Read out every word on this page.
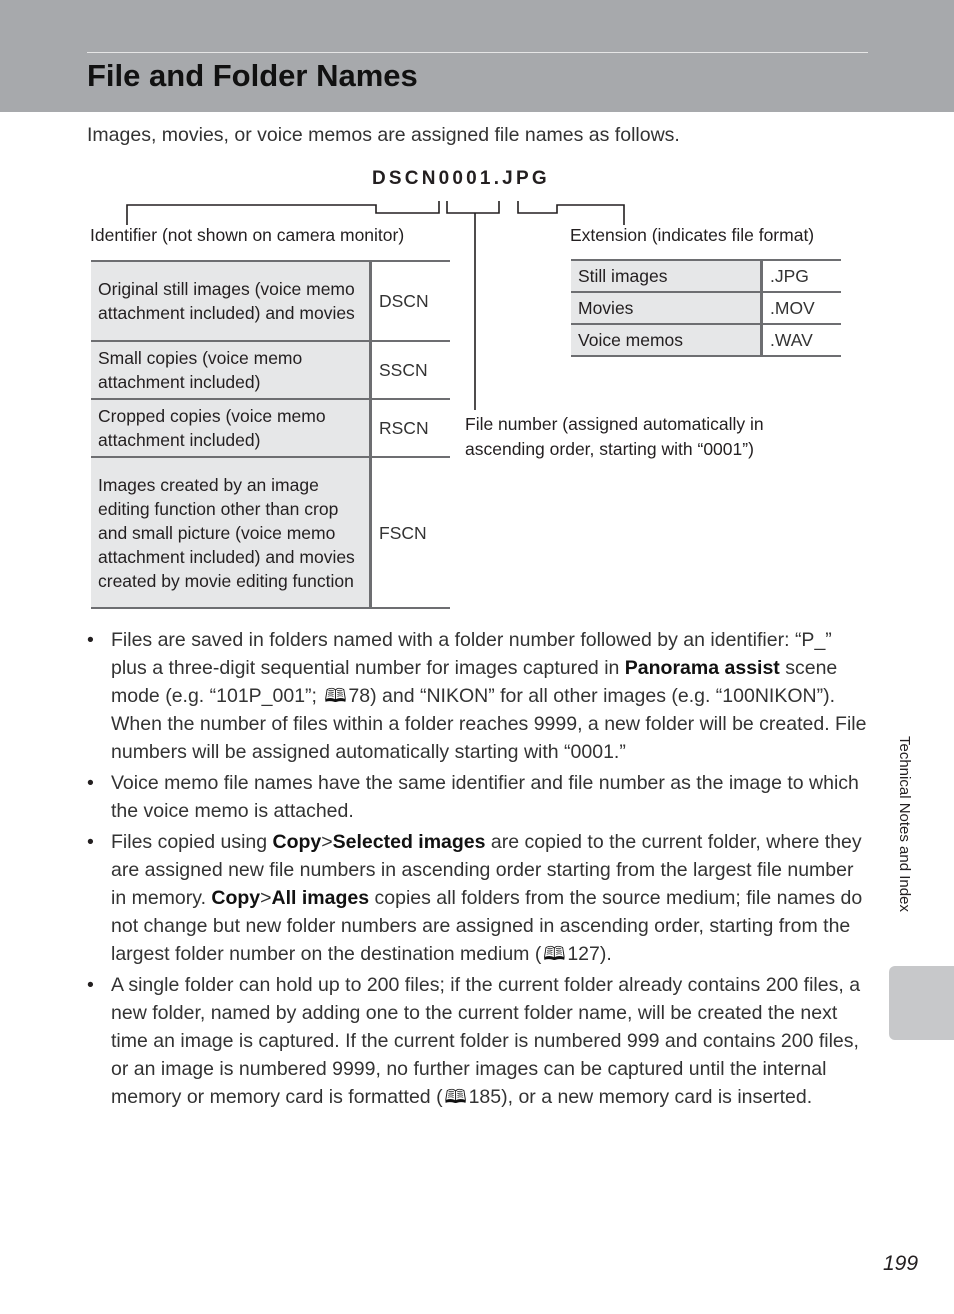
File and Folder Names
Images, movies, or voice memos are assigned file names as follows.
DSCN0001.JPG
Identifier (not shown on camera monitor)	Extension (indicates file format)
File number (assigned automatically in ascending order, starting with “0001”)
Original still images (voice memo attachment included) and movies	DSCN
Small copies (voice memo attachment included)	SSCN
Cropped copies (voice memo attachment included)	RSCN
Images created by an image editing function other than crop and small picture (voice memo attachment included) and movies created by movie editing function	FSCN
Still images	.JPG
Movies	.MOV
Voice memos	.WAV
• Files are saved in folders named with a folder number followed by an identifier: “P_” plus a three-digit sequential number for images captured in Panorama assist scene mode (e.g. “101P_001”; 🕮78) and “NIKON” for all other images (e.g. “100NIKON”). When the number of files within a folder reaches 9999, a new folder will be created. File numbers will be assigned automatically starting with “0001.”
• Voice memo file names have the same identifier and file number as the image to which the voice memo is attached.
• Files copied using Copy>Selected images are copied to the current folder, where they are assigned new file numbers in ascending order starting from the largest file number in memory. Copy>All images copies all folders from the source medium; file names do not change but new folder numbers are assigned in ascending order, starting from the largest folder number on the destination medium (🕮127).
• A single folder can hold up to 200 files; if the current folder already contains 200 files, a new folder, named by adding one to the current folder name, will be created the next time an image is captured. If the current folder is numbered 999 and contains 200 files, or an image is numbered 9999, no further images can be captured until the internal memory or memory card is formatted (🕮185), or a new memory card is inserted.
Technical Notes and Index
199
